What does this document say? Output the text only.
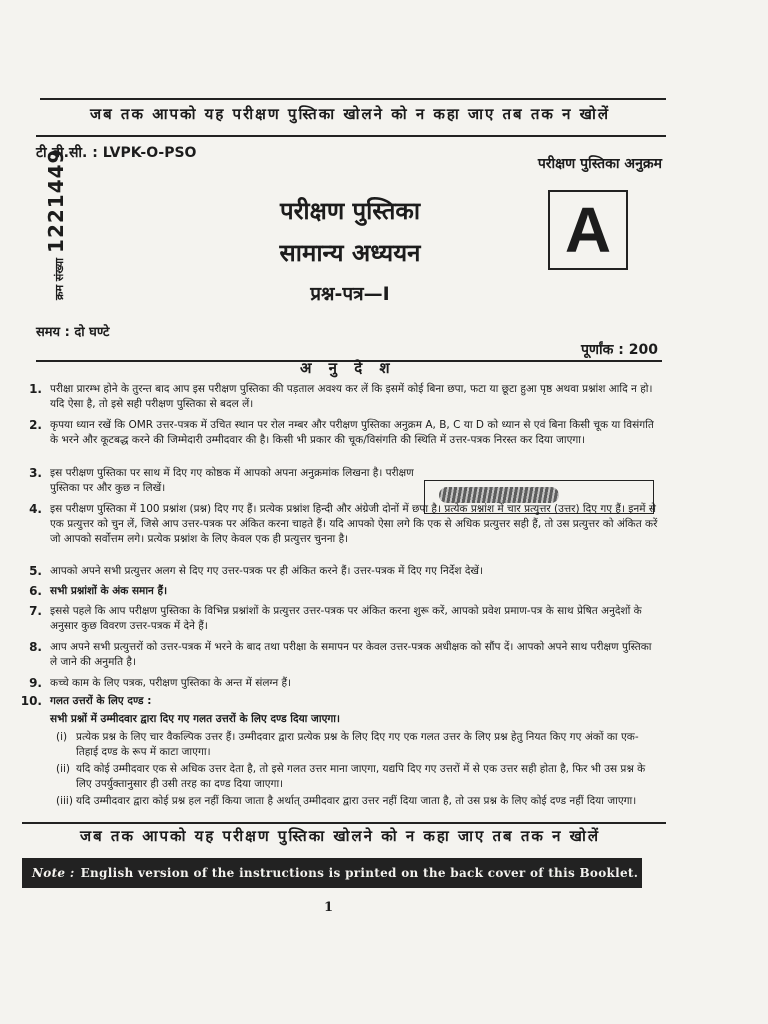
जब तक आपको यह परीक्षण पुस्तिका खोलने को न कहा जाए तब तक न खोलें
टी.बी.सी. : LVPK-O-PSO
परीक्षण पुस्तिका अनुक्रम
क्रम संख्या 1221449	परीक्षण पुस्तिका
सामान्य अध्ययन
प्रश्न-पत्र—I
A
समय : दो घण्टे
पूर्णांक : 200
अ नु दे श
1. परीक्षा प्रारम्भ होने के तुरन्त बाद आप इस परीक्षण पुस्तिका की पड़ताल अवश्य कर लें कि इसमें कोई बिना छपा, फटा या छूटा हुआ पृष्ठ अथवा प्रश्नांश आदि न हो। यदि ऐसा है, तो इसे सही परीक्षण पुस्तिका से बदल लें।
2. कृपया ध्यान रखें कि OMR उत्तर-पत्रक में उचित स्थान पर रोल नम्बर और परीक्षण पुस्तिका अनुक्रम A, B, C या D को ध्यान से एवं बिना किसी चूक या विसंगति के भरने और कूटबद्ध करने की जिम्मेदारी उम्मीदवार की है। किसी भी प्रकार की चूक/विसंगति की स्थिति में उत्तर-पत्रक निरस्त कर दिया जाएगा।
3. इस परीक्षण पुस्तिका पर साथ में दिए गए कोष्ठक में आपको अपना अनुक्रमांक लिखना है। परीक्षण पुस्तिका पर और कुछ न लिखें।
4. इस परीक्षण पुस्तिका में 100 प्रश्नांश (प्रश्न) दिए गए हैं। प्रत्येक प्रश्नांश हिन्दी और अंग्रेजी दोनों में छपा है। प्रत्येक प्रश्नांश में चार प्रत्युत्तर (उत्तर) दिए गए हैं। इनमें से एक प्रत्युत्तर को चुन लें, जिसे आप उत्तर-पत्रक पर अंकित करना चाहते हैं। यदि आपको ऐसा लगे कि एक से अधिक प्रत्युत्तर सही हैं, तो उस प्रत्युत्तर को अंकित करें जो आपको सर्वोत्तम लगे। प्रत्येक प्रश्नांश के लिए केवल एक ही प्रत्युत्तर चुनना है।
5. आपको अपने सभी प्रत्युत्तर अलग से दिए गए उत्तर-पत्रक पर ही अंकित करने हैं। उत्तर-पत्रक में दिए गए निर्देश देखें।
6. सभी प्रश्नांशों के अंक समान हैं।
7. इससे पहले कि आप परीक्षण पुस्तिका के विभिन्न प्रश्नांशों के प्रत्युत्तर उत्तर-पत्रक पर अंकित करना शुरू करें, आपको प्रवेश प्रमाण-पत्र के साथ प्रेषित अनुदेशों के अनुसार कुछ विवरण उत्तर-पत्रक में देने हैं।
8. आप अपने सभी प्रत्युत्तरों को उत्तर-पत्रक में भरने के बाद तथा परीक्षा के समापन पर केवल उत्तर-पत्रक अधीक्षक को सौंप दें। आपको अपने साथ परीक्षण पुस्तिका ले जाने की अनुमति है।
9. कच्चे काम के लिए पत्रक, परीक्षण पुस्तिका के अन्त में संलग्न हैं।
10. गलत उत्तरों के लिए दण्ड :
सभी प्रश्नों में उम्मीदवार द्वारा दिए गए गलत उत्तरों के लिए दण्ड दिया जाएगा।
(i) प्रत्येक प्रश्न के लिए चार वैकल्पिक उत्तर हैं। उम्मीदवार द्वारा प्रत्येक प्रश्न के लिए दिए गए एक गलत उत्तर के लिए प्रश्न हेतु नियत किए गए अंकों का एक-तिहाई दण्ड के रूप में काटा जाएगा।
(ii) यदि कोई उम्मीदवार एक से अधिक उत्तर देता है, तो इसे गलत उत्तर माना जाएगा, यद्यपि दिए गए उत्तरों में से एक उत्तर सही होता है, फिर भी उस प्रश्न के लिए उपर्युक्तानुसार ही उसी तरह का दण्ड दिया जाएगा।
(iii) यदि उम्मीदवार द्वारा कोई प्रश्न हल नहीं किया जाता है अर्थात् उम्मीदवार द्वारा उत्तर नहीं दिया जाता है, तो उस प्रश्न के लिए कोई दण्ड नहीं दिया जाएगा।
जब तक आपको यह परीक्षण पुस्तिका खोलने को न कहा जाए तब तक न खोलें
Note : English version of the instructions is printed on the back cover of this Booklet.
1
